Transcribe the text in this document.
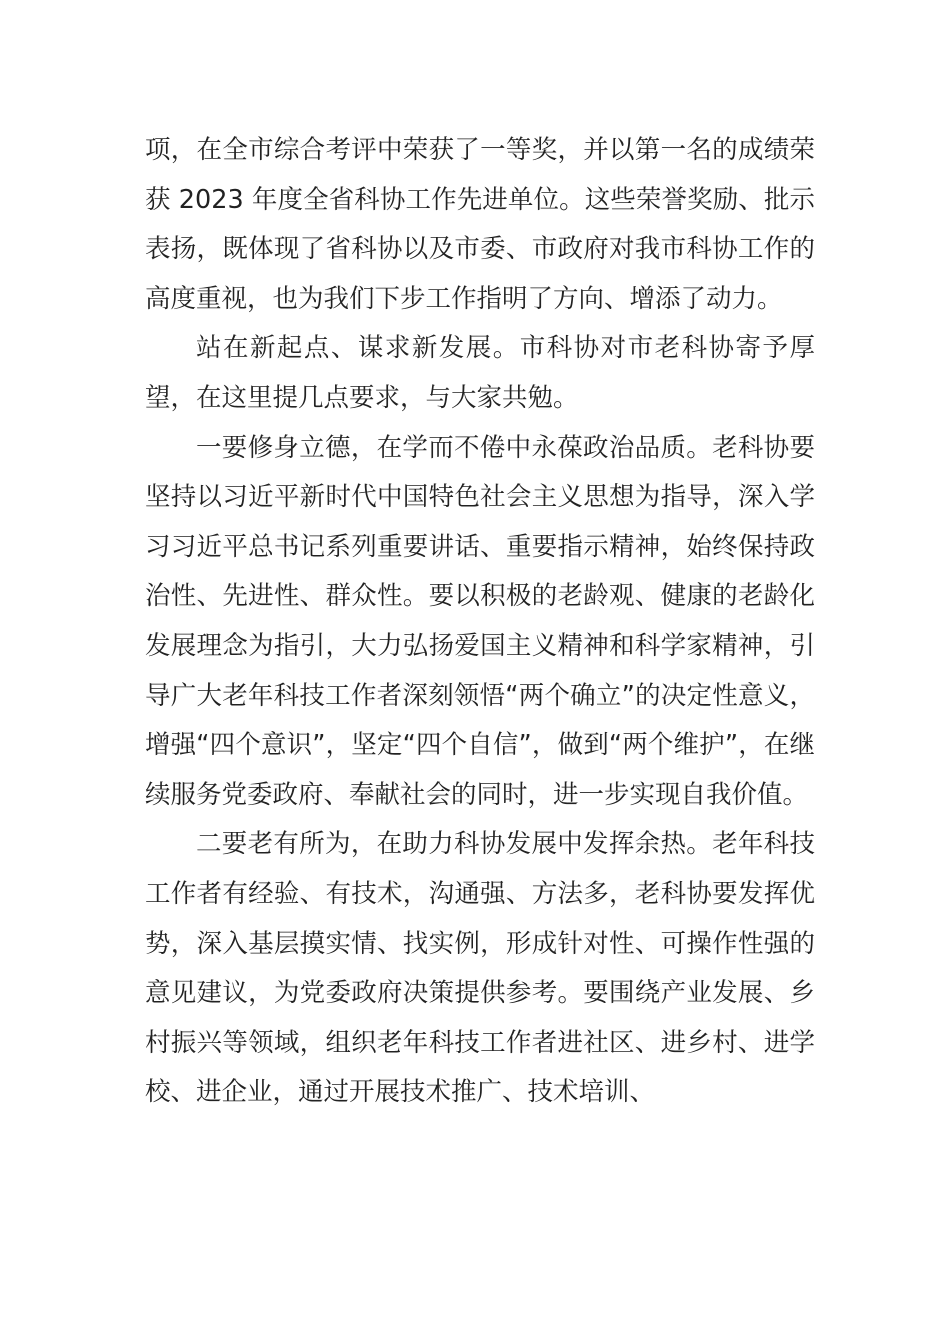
项，在全市综合考评中荣获了一等奖，并以第一名的成绩荣获 2023 年度全省科协工作先进单位。这些荣誉奖励、批示表扬，既体现了省科协以及市委、市政府对我市科协工作的高度重视，也为我们下步工作指明了方向、增添了动力。

站在新起点、谋求新发展。市科协对市老科协寄予厚望，在这里提几点要求，与大家共勉。

一要修身立德，在学而不倦中永葆政治品质。老科协要坚持以习近平新时代中国特色社会主义思想为指导，深入学习习近平总书记系列重要讲话、重要指示精神，始终保持政治性、先进性、群众性。要以积极的老龄观、健康的老龄化发展理念为指引，大力弘扬爱国主义精神和科学家精神，引导广大老年科技工作者深刻领悟“两个确立”的决定性意义，增强“四个意识”，坚定“四个自信”，做到“两个维护”，在继续服务党委政府、奉献社会的同时，进一步实现自我价值。

二要老有所为，在助力科协发展中发挥余热。老年科技工作者有经验、有技术，沟通强、方法多，老科协要发挥优势，深入基层摸实情、找实例，形成针对性、可操作性强的意见建议，为党委政府决策提供参考。要围绕产业发展、乡村振兴等领域，组织老年科技工作者进社区、进乡村、进学校、进企业，通过开展技术推广、技术培训、
